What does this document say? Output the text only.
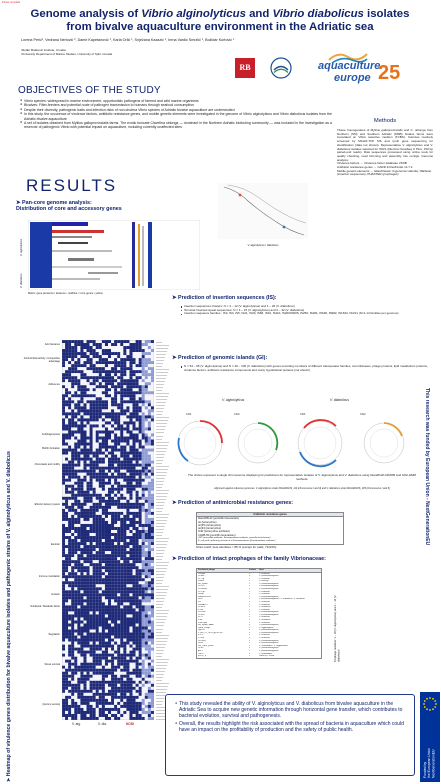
Poster template
Genome analysis of Vibrio alginolyticus and Vibrio diabolicus isolates
from bivalve aquaculture environment in the Adriatic sea
Lorena Perić¹, Vedrana Nerlović ², Damir Kapetanović ¹, Karla Orlić ¹, Snježana Kazazić ¹, Irena Vardić Smrzlić ¹, Božidar Kurtović ¹
¹Ruđer Bošković Institute, Croatia
²University Department of Marine Studies, University of Split, Croatia
RB	aquaculture
europe 25
OBJECTIVES OF THE STUDY
❖ Vibrio species: widespread in marine environment, opportunistic pathogens of farmed and wild marine organisms
❖ Bivalves: Filter-feeders and potential route of pathogen transmission to humans through seafood consumption
❖ Despite their diversity, pathogenic traits and infection risks of non-cholera Vibrio species of Adriatic bivalve aquaculture are understudied
❖ In this study, the occurence of virulence factors, antibiotic resistance genes, and mobile genetic elements were investigated in the genome of Vibrio alginolyticus and Vibrio diabolicus isolates from the Adriatic bivalve aquaculture
❖ A set of isolates obtained from Mytilus galloprovincialis farms. The exotic tunicate Clavelina oblonga — dominant in the Northern Adriatic biofouling community — was included in the investigation as a reservoir of pathogenic Vibrio with potential impact on aquaculture, including currently unaffected sites
Methods
Tissue homogenates of Mytilus galloprovincialis and C. oblonga from Northern (SM) and Southern Adriatic (MSB) bivalve farms were inoculated on Vibrio selective medium (TCBS). Colonies routinely screened by MALDI-TOF MS and rpoD gene sequencing for identification (data not shown). Representative V. alginolyticus and V. diabolicus isolates selected for WGS (Illumina NovaSeq X Plus, 150 bp paired-end reads). Raw sequences processed using online tools for quality checking, read trimming and assembly into contigs. Genome analysis:
Virulence factors → Virulence factor database VFDB
Antibiotic resistance genes → CARD & ResFinder v4.7.2
Mobile genetic elements → IslandViewer 4 (genomic islands), ISEScan (insertion sequences), PHASTER (prophages)
RESULTS
V. alginolyticus / diabolicus
➤ Pan-core genome analysis:
Distribution of core and accessory genes
V. alginolyticus
V. diabolicus
Matrix: gene presence / absence • red/blue = core genes • yellow
➤ Prediction of insertion sequences (IS):
Insertion sequences clusters: N = 4 – 12 (V. alginolyticus) and 1 – 26 (V. diabolicus)
Terminal inverted repeat sequences: N = 4 – 15 (V. alginolyticus) and 2 – 32 (V. diabolicus)
Insertion sequence families : IS3, IS4, IS5, IS21, IS30, IS66, IS91, IS110, IS200/IS605, IS256, IS481, IS630, IS982, IS1634, ISAS1 (N=1-14 families per genome)
➤ Prediction of genomic islands (GI):
N = 54 – 95 (V. alginolyticus) and N = 49 – 105 (V. diabolicus) with genes encoding members of different transposase families, recombinases, phage proteins, lipid metabolism proteins, virulence factors, antibiotic resistance components and many hypothetical proteins (not shown)
V. alginolyticus	V. diabolicus
Chr1	Chr2	Chr1	Chr2
The circles represent a single chromosome displaying GI predictions for representative isolates of V. alginolyticus and V. diabolicus using IslandPath-DIMOB and SIGI-HMM methods.
Alignment against reference genomes: V. alginolyticus strain FDAARGOS_114 (chromosome I and II) and V. diabolicus strain FDAARGOS_105 (chromosome I and II)
➤ Prediction of antimicrobial resistance genes:
Antibiotic resistance genes
blaCARB-42 (penicillin beta-lactam)
tet (tetracycline)
tet(35) (tetracycline)
tet(34) (tetracycline)
TetR (tetracycline antibiotic)
CARB-59 (penicillin beta-lactam)
CRP (macrolide antibiotic, fluoroquinolone antibiotic, penicillin beta-lactam)
E. coli parE conferring resistance to fluoroquinolones (fluoroquinolone antibiotic)
Strict cutoff, best identities > 85 % (except for parE, 79-93%)
➤ Prediction of intact prophages of the family Vibrionaceae:
Predicted phage	Isolate	Host
VGJphi	1	V. cholerae
VP882	2	V. parahaemolyticus
VP-1g	1	V. cholerae
VHML	2	V. harveyi
vB_VpaM	1	V. parahaemolyticus
VP16T	1	V. parahaemolyticus
VfO4K68	2	V. parahaemolyticus
VCY-φ	1	V. cholerae
VEJφ	2	V. cholerae
martha12B12	1	V. parahaemolyticus
Vf33	1	V. parahaemolyticus / V. vulnificus / V. cholerae
fs2	1	V. cholerae
PhiHAP-1	2	V. cholerae
VP58.5	1	V. vulnificus
K139	1	V. cholerae
VfO3K6	2	V. parahaemolyticus
VP585	1	V. parahaemolyticus
VP-2	2	V. cholerae
VSK	1	V. vulnificus
KSF-1phi	1	V. cholerae
vB_VpaM_MAR	2	V. parahaemolyticus
Vpfm_Lang1	1	V. alginolyticus
Vp670	2	V. parahaemolyticus
1.205_O._VP6_ipj.3/2.05	2	V. parahaemolyticus
ICP1	1	V. cholerae
CTXφ	2	V. cholerae
VfO3K6	1	V. parahaemolyticus
Vp-R	2	V. parahaemolyticus
VB_VspP_pVa5	1	V. splendidus / V. anguillarum
VP93	2	V. parahaemolyticus
phi 1	1	V. parahaemolyticus
CBI-1	2	V. splendidus
pVOV_8	1	Vibrio sp. VD28	Prophage numbers: 1 – 18 (V. alginolyticus) and 1 – 14 (V. diabolicus)
➤ Heatmap of virulence genes distribution for bivalve aquaculture isolates and pathogenic strains of V. alginolyticus and V. diabolicus
Acid tolerance
Antimicrobial activity / Competitive advantage
Adherence
Antiphagocytosis
Biofilm formation
Chemotaxis and motility
Effector delivery system
Exotoxin
Immune modulation
Invasion
Nutritional / Metabolic factor
Regulation
Stress survival
Quorum sensing
V. alg.	V. dia.	NCBI
❖ This study revealed the ability of V. alginolyticus and V. diabolicus from bivalve aquaculture in the Adriatic Sea to acquire new genetic information through horizontal gene transfer, which contributes to bacterial evolution, survival and pathogenesis.
❖ Overall, the results highlight the risk associated with the spread of bacteria in aquaculture which could have an impact on the profitability of production and the safety of public health.
This research was funded by European Union - NextGenerationEU
Funded by the European Union NextGenerationEU
